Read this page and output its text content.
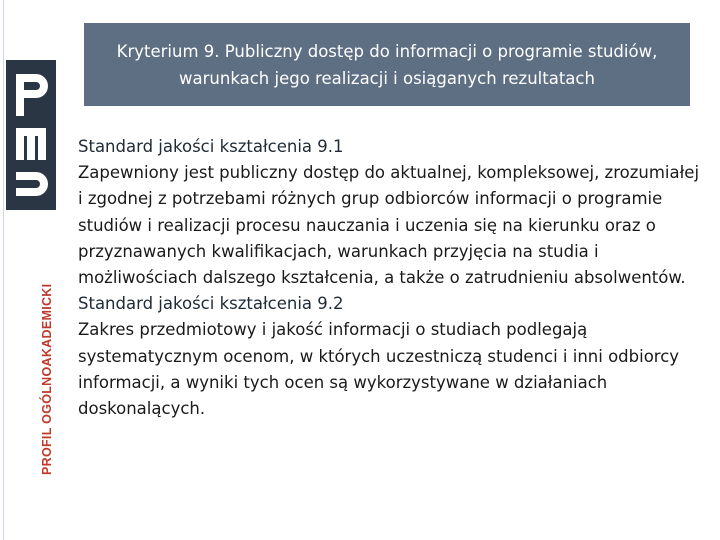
PROFIL OGÓLNOAKADEMICKI
Kryterium 9. Publiczny dostęp do informacji o programie studiów, warunkach jego realizacji i osiąganych rezultatach

Standard jakości kształcenia 9.1

Zapewniony jest publiczny dostęp do aktualnej, kompleksowej, zrozumiałej i zgodnej z potrzebami różnych grup odbiorców informacji o programie studiów i realizacji procesu nauczania i uczenia się na kierunku oraz o przyznawanych kwalifikacjach, warunkach przyjęcia na studia i możliwościach dalszego kształcenia, a także o zatrudnieniu absolwentów.

Standard jakości kształcenia 9.2

Zakres przedmiotowy i jakość informacji o studiach podlegają systematycznym ocenom, w których uczestniczą studenci i inni odbiorcy informacji, a wyniki tych ocen są wykorzystywane w działaniach doskonalących.
